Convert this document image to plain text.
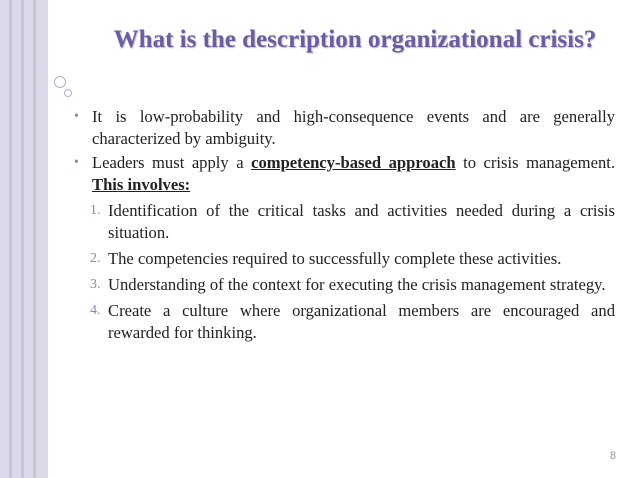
What is the description organizational crisis?
• It is low-probability and high-consequence events and are generally characterized by ambiguity.
• Leaders must apply a competency-based approach to crisis management. This involves:
1. Identification of the critical tasks and activities needed during a crisis situation.
2. The competencies required to successfully complete these activities.
3. Understanding of the context for executing the crisis management strategy.
4. Create a culture where organizational members are encouraged and rewarded for thinking.
8
